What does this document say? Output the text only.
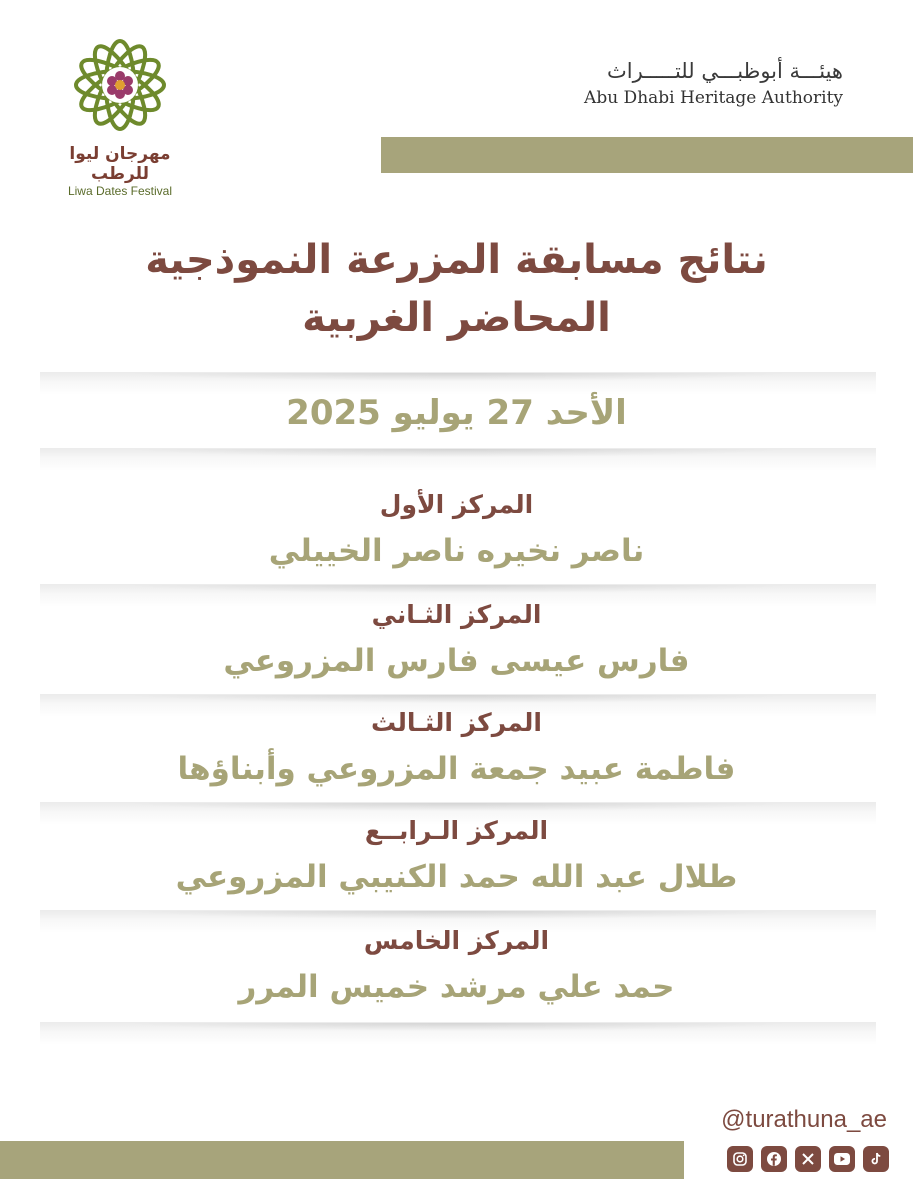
مهرجان ليوا للرطب
Liwa Dates Festival
هيئـــة أبوظبـــي للتـــــراث
Abu Dhabi Heritage Authority
نتائج مسابقة المزرعة النموذجية
المحاضر الغربية
الأحد 27 يوليو 2025
المركز الأول
ناصر نخيره ناصر الخييلي
المركز الثـاني
فارس عيسى فارس المزروعي
المركز الثـالث
فاطمة عبيد جمعة المزروعي وأبناؤها
المركز الـرابــع
طلال عبد الله حمد الكنيبي المزروعي
المركز الخامس
حمد علي مرشد خميس المرر
@turathuna_ae
